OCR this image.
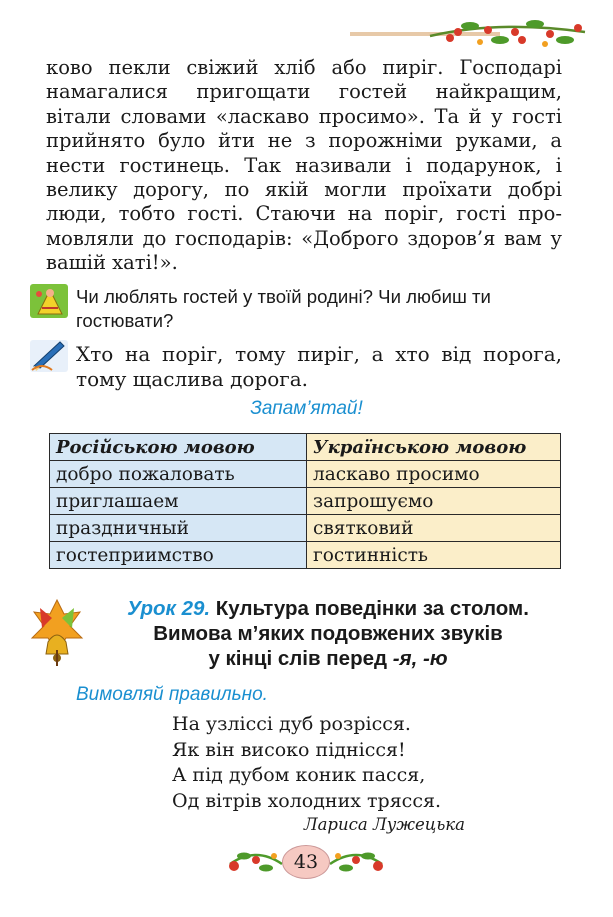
ково пекли свіжий хліб або пиріг. Господарі
намагалися пригощати гостей найкращим,
вітали словами «ласкаво просимо». Та й у гості
прийнято було йти не з порожніми руками, а
нести гостинець. Так називали і подарунок, і
велику дорогу, по якій могли проїхати добрі
люди, тобто гості. Стаючи на поріг, гості про-
мовляли до господарів: «Доброго здоров’я вам у
вашій хаті!».
Чи люблять гостей у твоїй родині? Чи любиш ти
гостювати?
Хто на поріг, тому пиріг, а хто від порога,
тому щаслива дорога.
Запам’ятай!
Російською мовою	Українською мовою
добро пожаловать	ласкаво просимо
приглашаем	запрошуємо
праздничный	святковий
гостеприимство	гостинність
Урок 29. Культура поведінки за столом.
Вимова м’яких подовжених звуків
у кінці слів перед -я, -ю
Вимовляй правильно.
На узліссі дуб розрісся.
Як він високо піднісся!
А під дубом коник пасся,
Од вітрів холодних трясся.
Лариса Лужецька
43
